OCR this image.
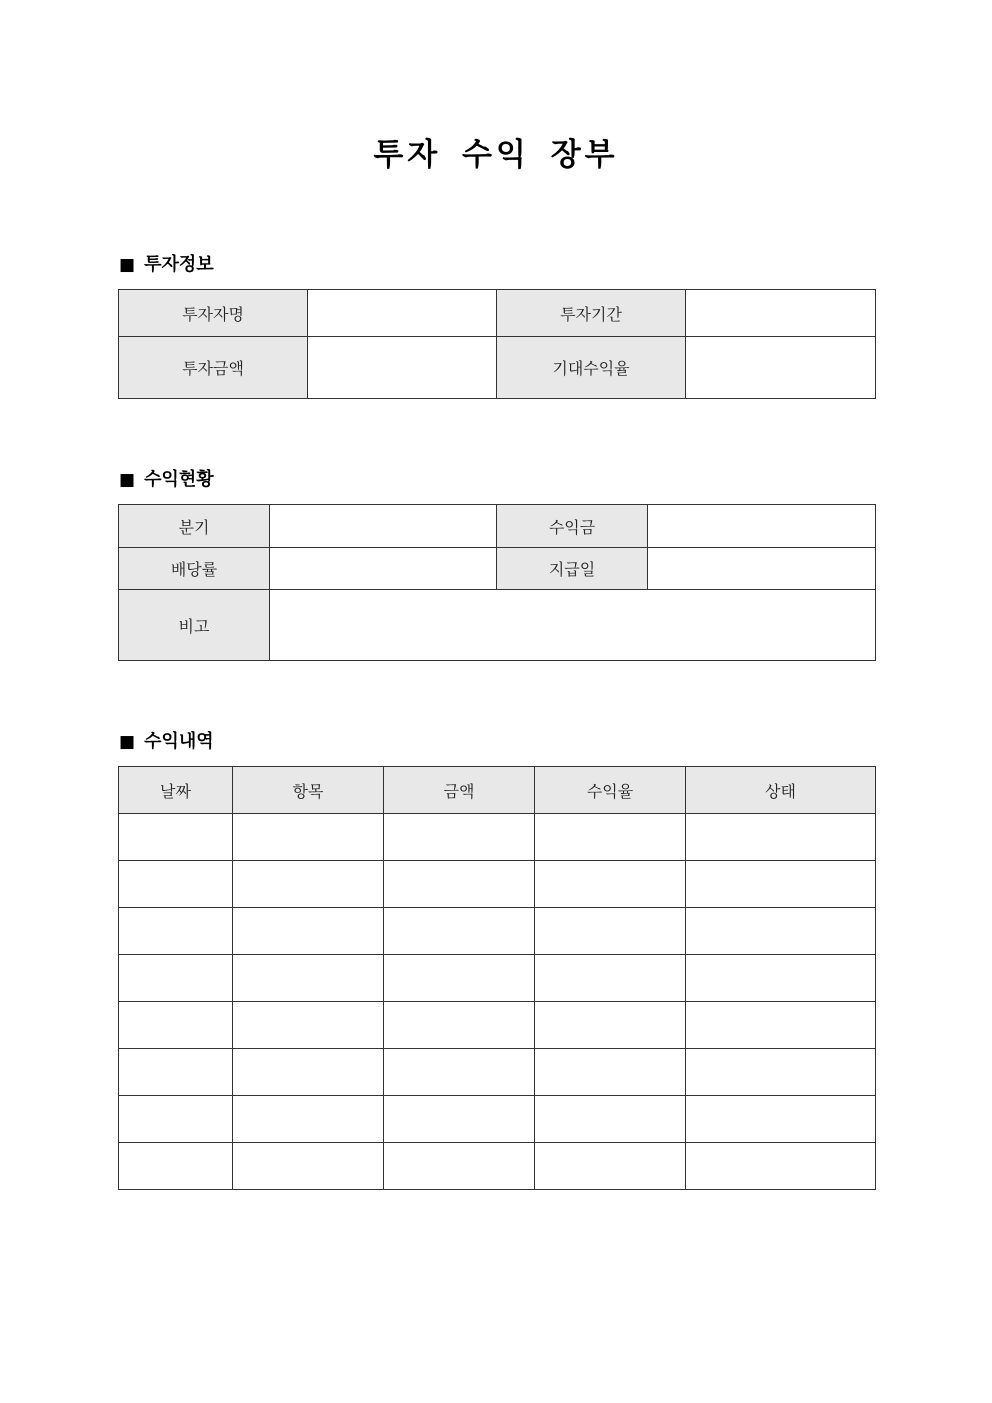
투자 수익 장부
■ 투자정보
투자자명		투자기간	
투자금액		기대수익율	
■ 수익현황
분기		수익금	
배당률		지급일	
비고			
■ 수익내역
날짜	항목	금액	수익율	상태
